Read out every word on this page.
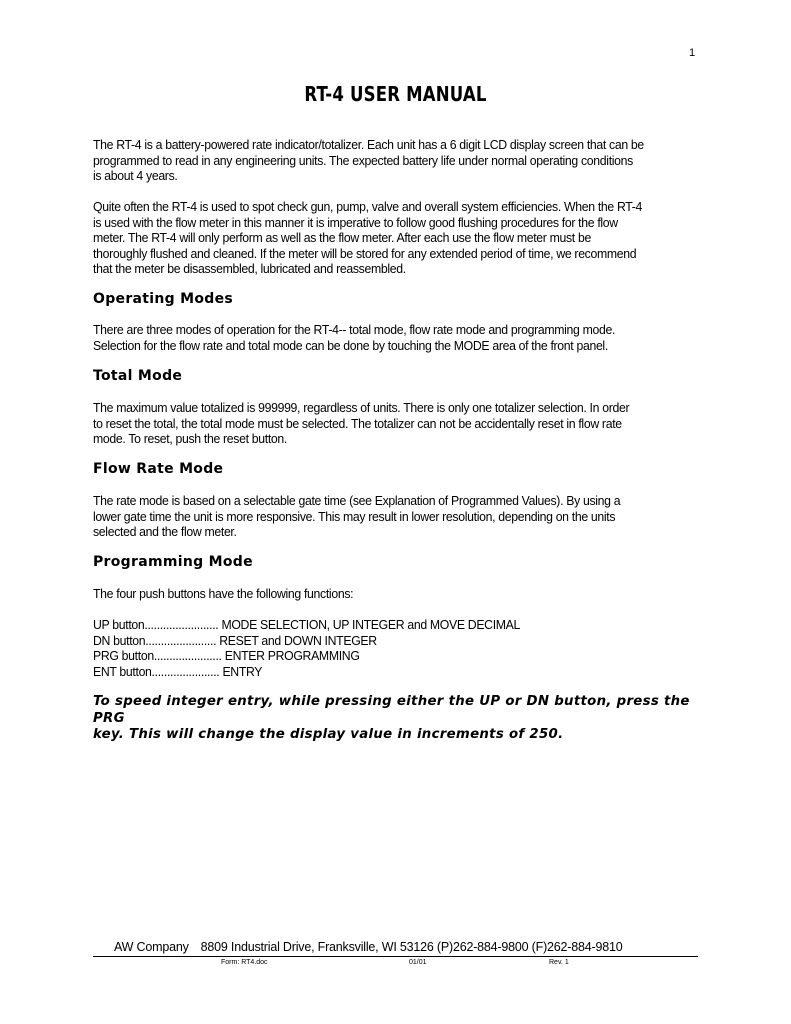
1
RT-4 USER MANUAL
The RT-4 is a battery-powered rate indicator/totalizer. Each unit has a 6 digit LCD display screen that can be
programmed to read in any engineering units. The expected battery life under normal operating conditions
is about 4 years.
Quite often the RT-4 is used to spot check gun, pump, valve and overall system efficiencies. When the RT-4
is used with the flow meter in this manner it is imperative to follow good flushing procedures for the flow
meter. The RT-4 will only perform as well as the flow meter. After each use the flow meter must be
thoroughly flushed and cleaned. If the meter will be stored for any extended period of time, we recommend
that the meter be disassembled, lubricated and reassembled.
Operating Modes
There are three modes of operation for the RT-4-- total mode, flow rate mode and programming mode.
Selection for the flow rate and total mode can be done by touching the MODE area of the front panel.
Total Mode
The maximum value totalized is 999999, regardless of units. There is only one totalizer selection. In order
to reset the total, the total mode must be selected. The totalizer can not be accidentally reset in flow rate
mode. To reset, push the reset button.
Flow Rate Mode
The rate mode is based on a selectable gate time (see Explanation of Programmed Values). By using a
lower gate time the unit is more responsive. This may result in lower resolution, depending on the units
selected and the flow meter.
Programming Mode
The four push buttons have the following functions:
UP button........................ MODE SELECTION, UP INTEGER and MOVE DECIMAL
DN button....................... RESET and DOWN INTEGER
PRG button...................... ENTER PROGRAMMING
ENT button...................... ENTRY
To speed integer entry, while pressing either the UP or DN button, press the PRG
key. This will change the display value in increments of 250.
AW Company 8809 Industrial Drive, Franksville, WI 53126 (P)262-884-9800 (F)262-884-9810
Form: RT4.doc	01/01	Rev. 1
